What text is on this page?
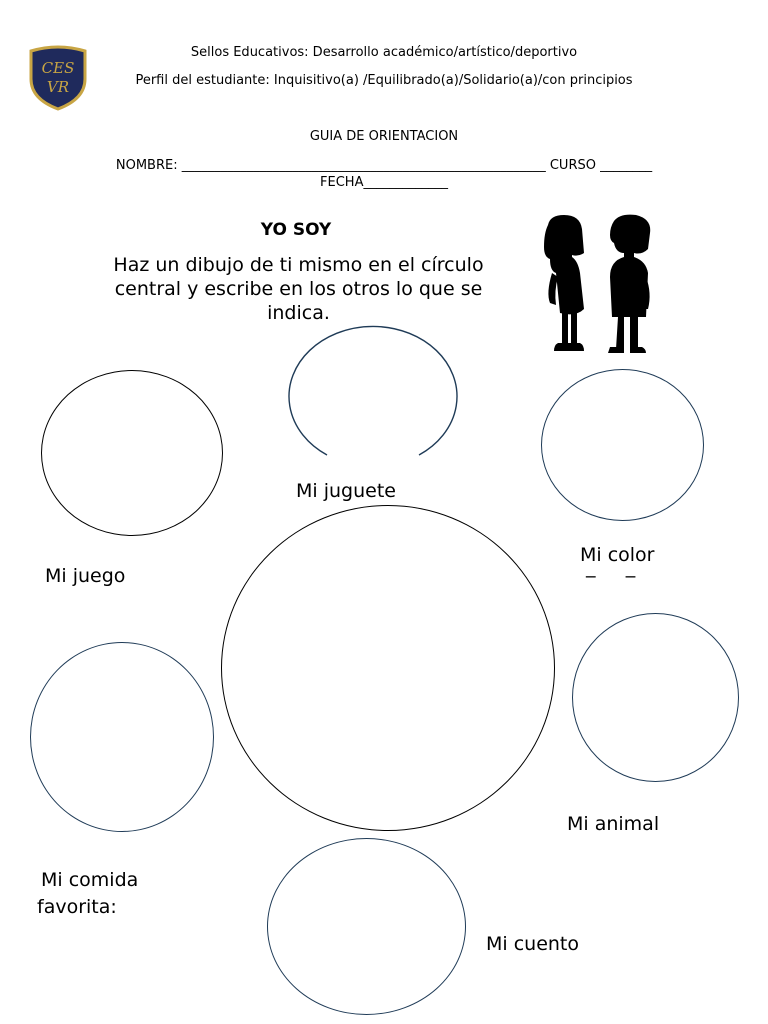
CES
VR
Sellos Educativos: Desarrollo académico/artístico/deportivo
Perfil del estudiante: Inquisitivo(a) /Equilibrado(a)/Solidario(a)/con principios
GUIA DE ORIENTACION
NOMBRE: ________________________________________________________ CURSO ________
FECHA_____________
YO SOY
Haz un dibujo de ti mismo en el círculo central y escribe en los otros lo que se indica.
Mi juguete
Mi juego
Mi color
Mi comida
favorita:
Mi animal
Mi cuento
